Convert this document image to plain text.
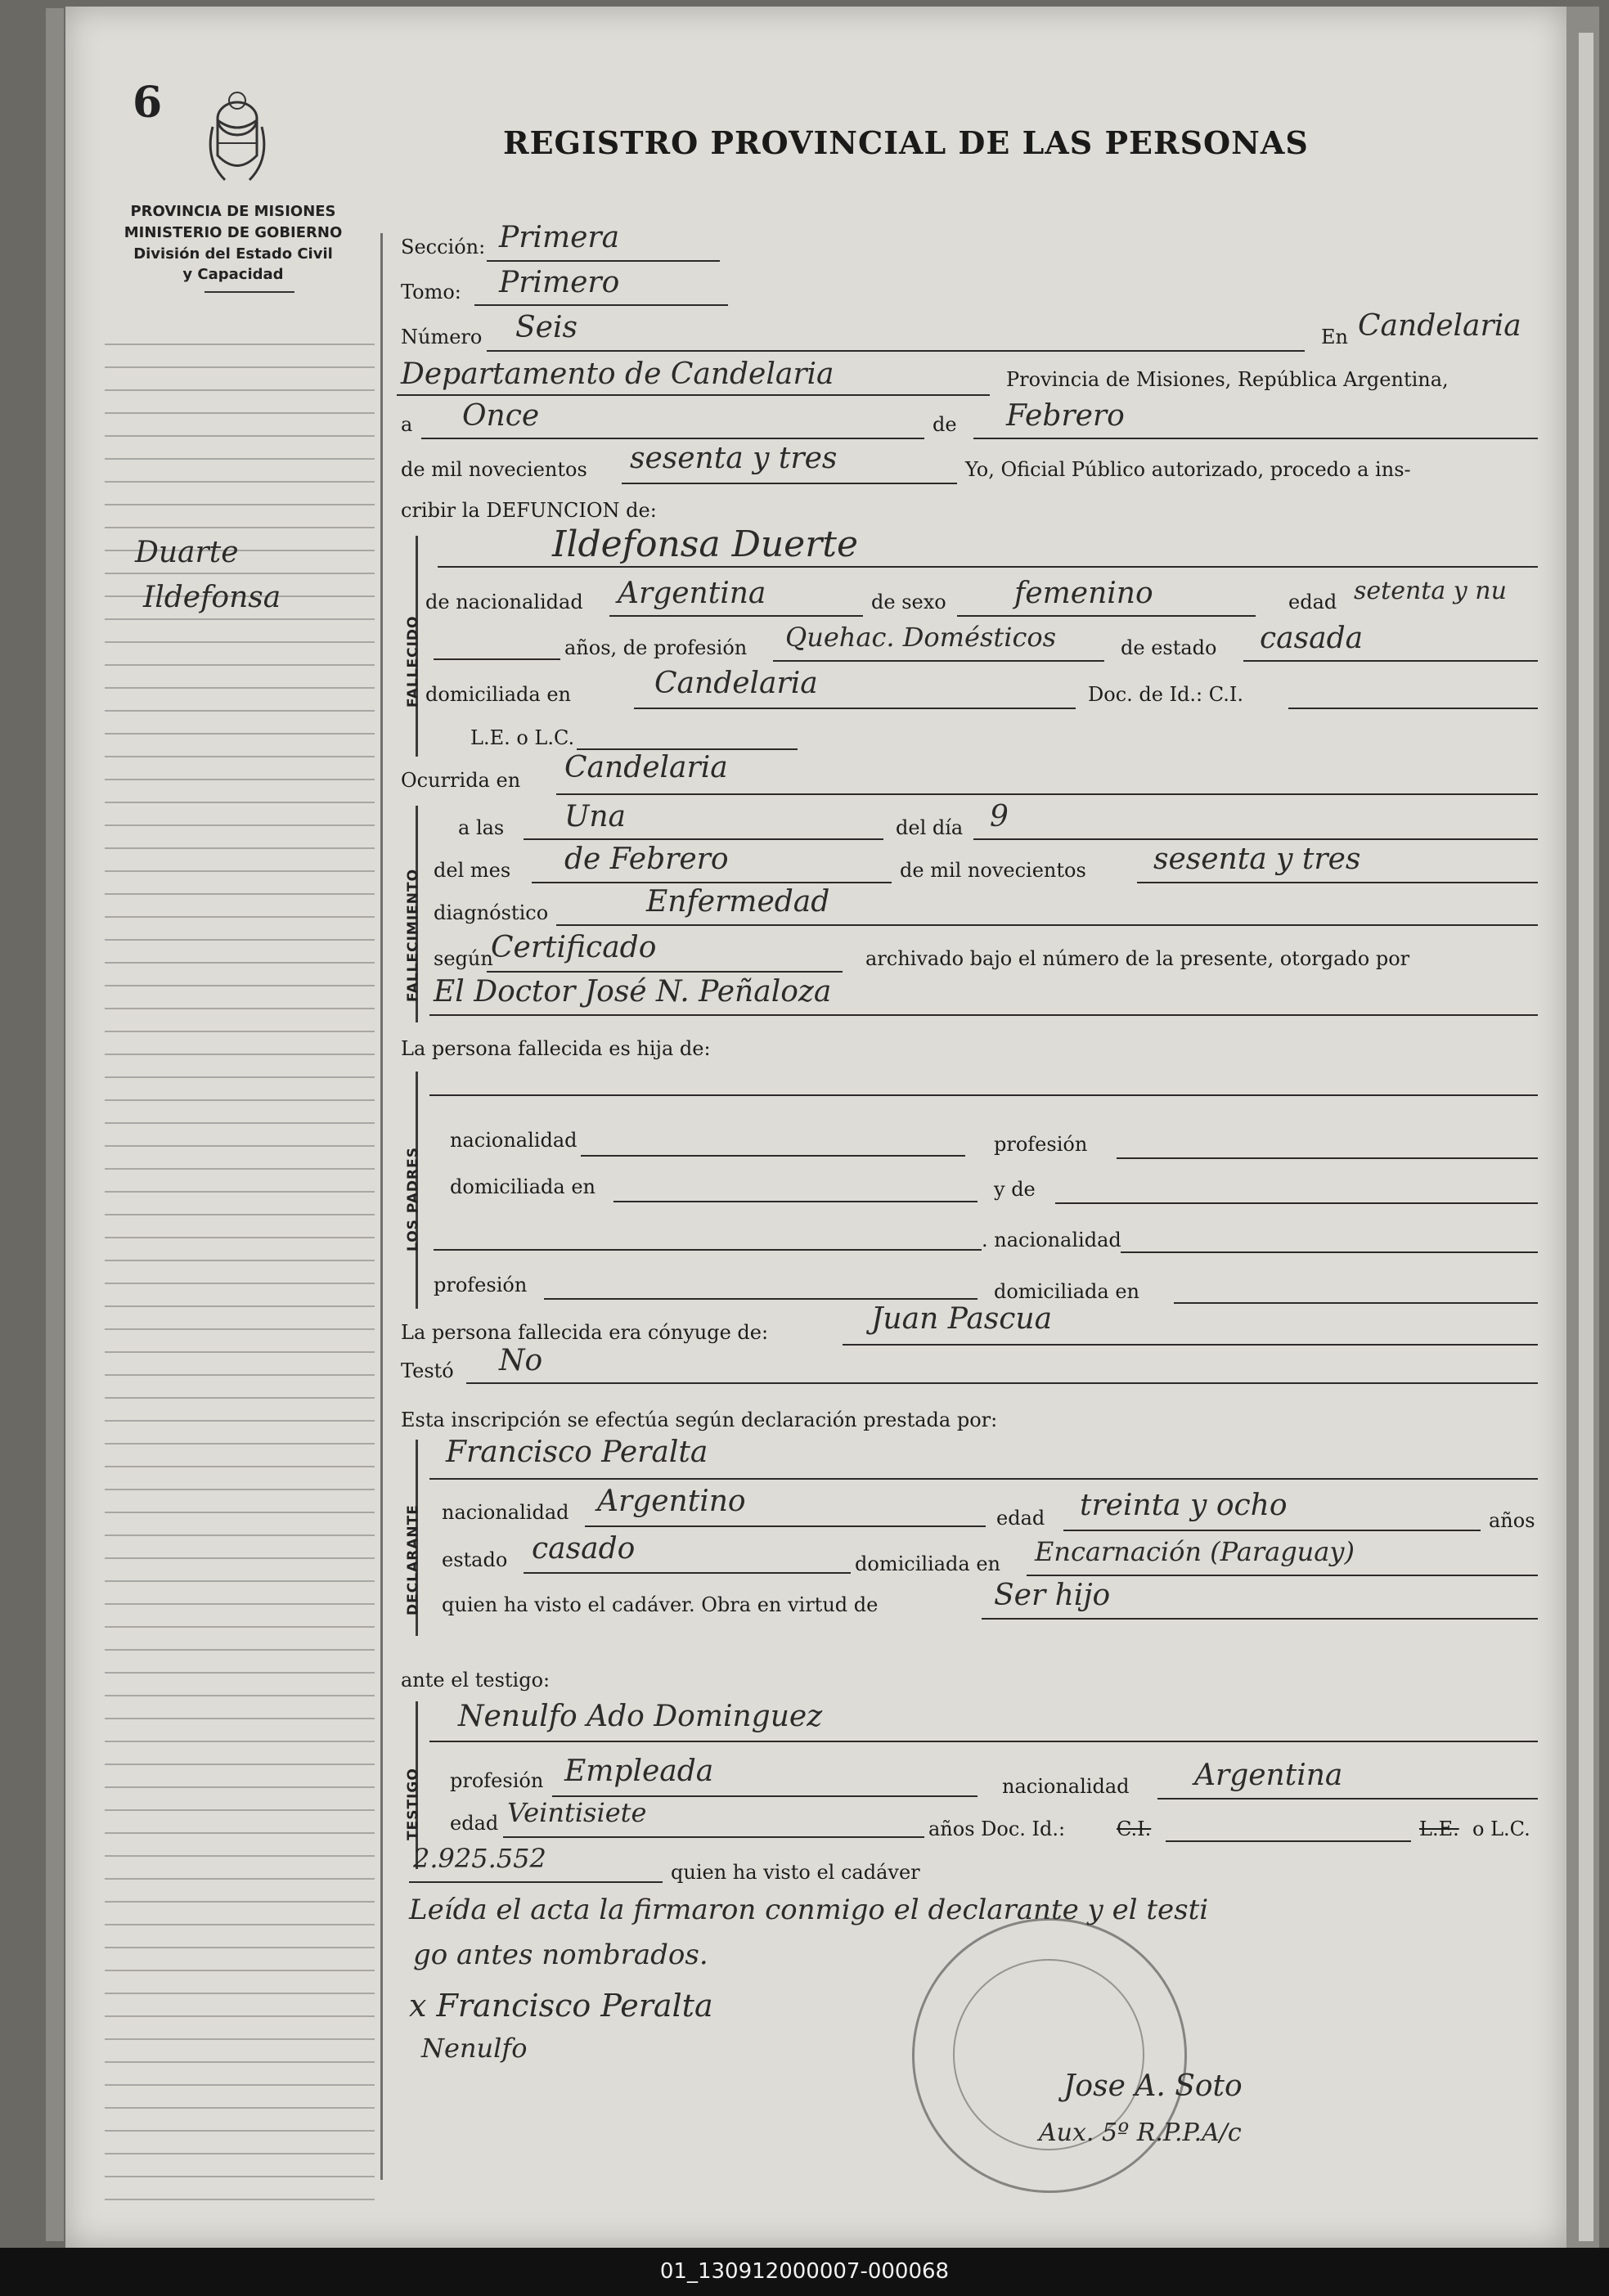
6
REGISTRO PROVINCIAL DE LAS PERSONAS
PROVINCIA DE MISIONES
MINISTERIO DE GOBIERNO
División del Estado Civil
y Capacidad
Duarte
Ildefonsa
Sección: Primera
Tomo: Primero
Número Seis	En Candelaria
Departamento de Candelaria	Provincia de Misiones, República Argentina,
a Once	de Febrero
de mil novecientos sesenta y tres	Yo, Oficial Público autorizado, procedo a ins-
cribir la DEFUNCION de:
FALLECIDO
Ildefonsa Duerte
de nacionalidad Argentina	de sexo femenino	edad setenta y nu
años, de profesión Quehac. Domésticos	de estado casada
domiciliada en	Candelaria	Doc. de Id.: C.I.
L.E. o L.C.
Ocurrida en Candelaria
FALLECIMIENTO
a las Una	del día 9
del mes de Febrero	de mil novecientos sesenta y tres
diagnóstico	Enfermedad
según
Certificado	archivado bajo el número de la presente, otorgado por
El Doctor José N. Peñaloza
La persona fallecida es hija de:
LOS PADRES
nacionalidad	profesión
domiciliada en	y de
. nacionalidad
profesión	domiciliada en
La persona fallecida era cónyuge de:	Juan Pascua
Testó No
Esta inscripción se efectúa según declaración prestada por:
DECLARANTE
Francisco Peralta
nacionalidad Argentino	edad treinta y ocho	años
estado casado	domiciliada en Encarnación (Paraguay)
quien ha visto el cadáver. Obra en virtud de	Ser hijo
ante el testigo:
TESTIGO
Nenulfo Ado Dominguez
profesión Empleada	nacionalidad Argentina
edad Veintisiete
años Doc. Id.:	C.I.	L.E. o L.C.
2.925.552	quien ha visto el cadáver
Leída el acta la firmaron conmigo el declarante y el testi
go antes nombrados.
x Francisco Peralta
Nenulfo
Jose A. Soto
Aux. 5º R.P.P.A/c
01_130912000007-000068
